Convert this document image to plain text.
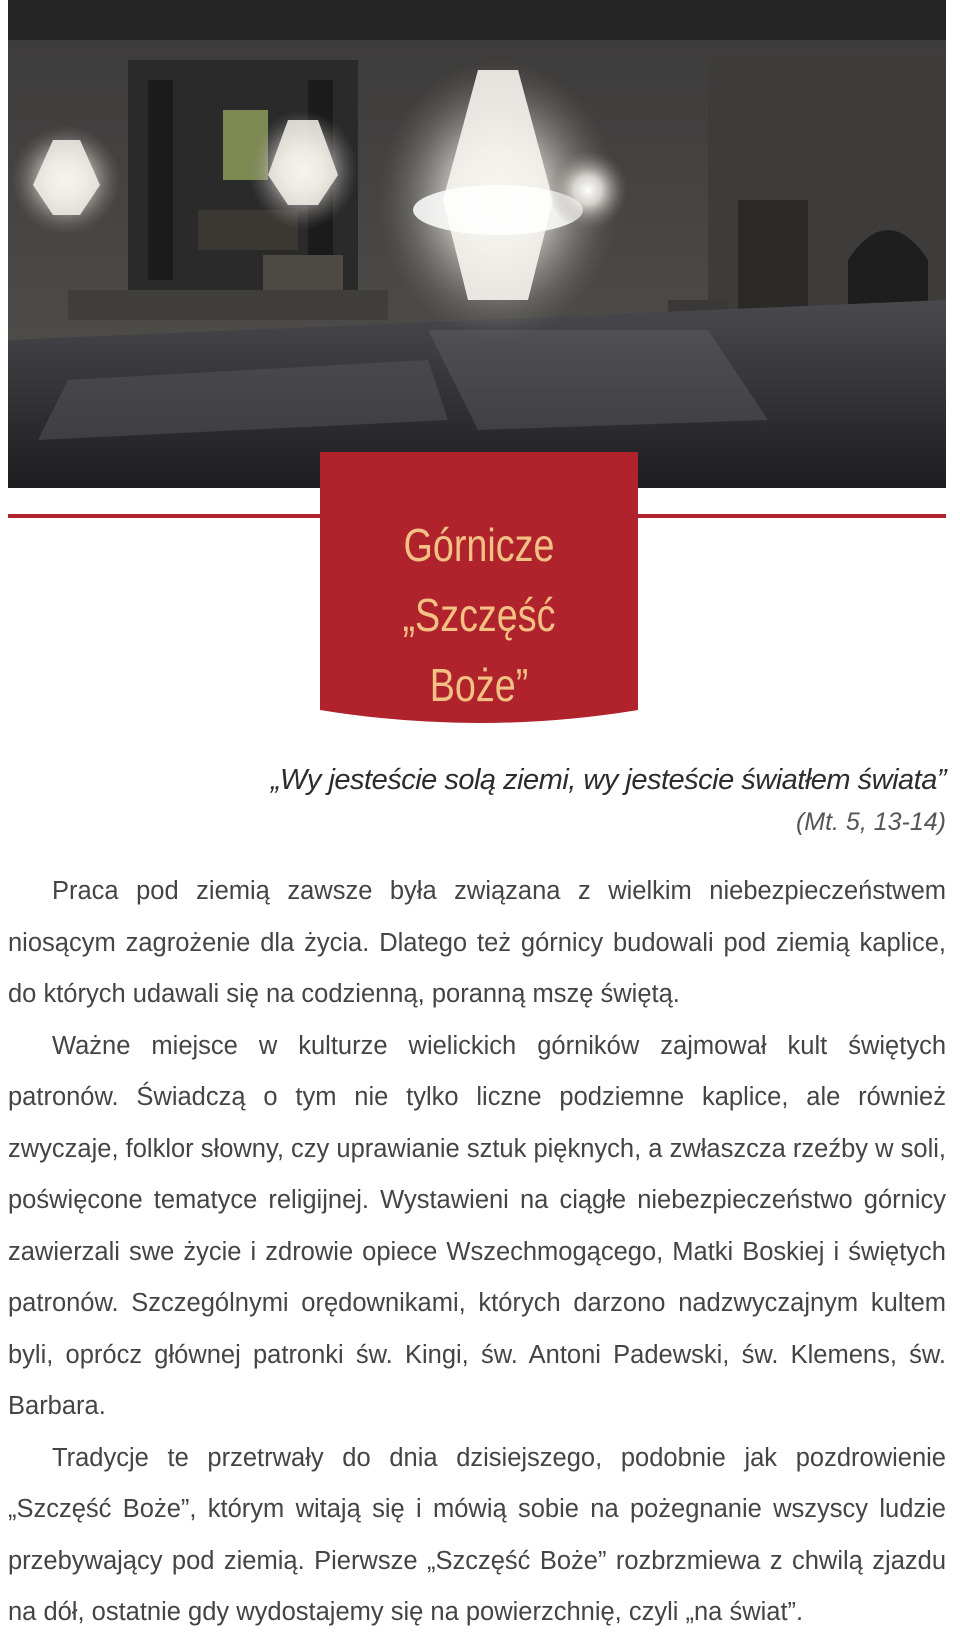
Górnicze
„Szczęść Boże”
„Wy jesteście solą ziemi, wy jesteście światłem świata”
(Mt. 5, 13-14)

Praca pod ziemią zawsze była związana z wielkim niebezpieczeństwem niosącym zagrożenie dla życia. Dlatego też górnicy budowali pod ziemią kaplice, do których udawali się na codzienną, poranną mszę świętą.

Ważne miejsce w kulturze wielickich górników zajmował kult świętych patronów. Świadczą o tym nie tylko liczne podziemne kaplice, ale również zwyczaje, folklor słowny, czy uprawianie sztuk pięknych, a zwłaszcza rzeźby w soli, poświęcone tematyce religijnej. Wystawieni na ciągłe niebezpieczeństwo górnicy zawierzali swe życie i zdrowie opiece Wszechmogącego, Matki Boskiej i świętych patronów. Szczególnymi orędownikami, których darzono nadzwyczajnym kultem byli, oprócz głównej patronki św. Kingi, św. Antoni Padewski, św. Klemens, św. Barbara.

Tradycje te przetrwały do dnia dzisiejszego, podobnie jak pozdrowienie „Szczęść Boże”, którym witają się i mówią sobie na pożegnanie wszyscy ludzie przebywający pod ziemią. Pierwsze „Szczęść Boże” rozbrzmiewa z chwilą zjazdu na dół, ostatnie gdy wydostajemy się na powierzchnię, czyli „na świat”.
